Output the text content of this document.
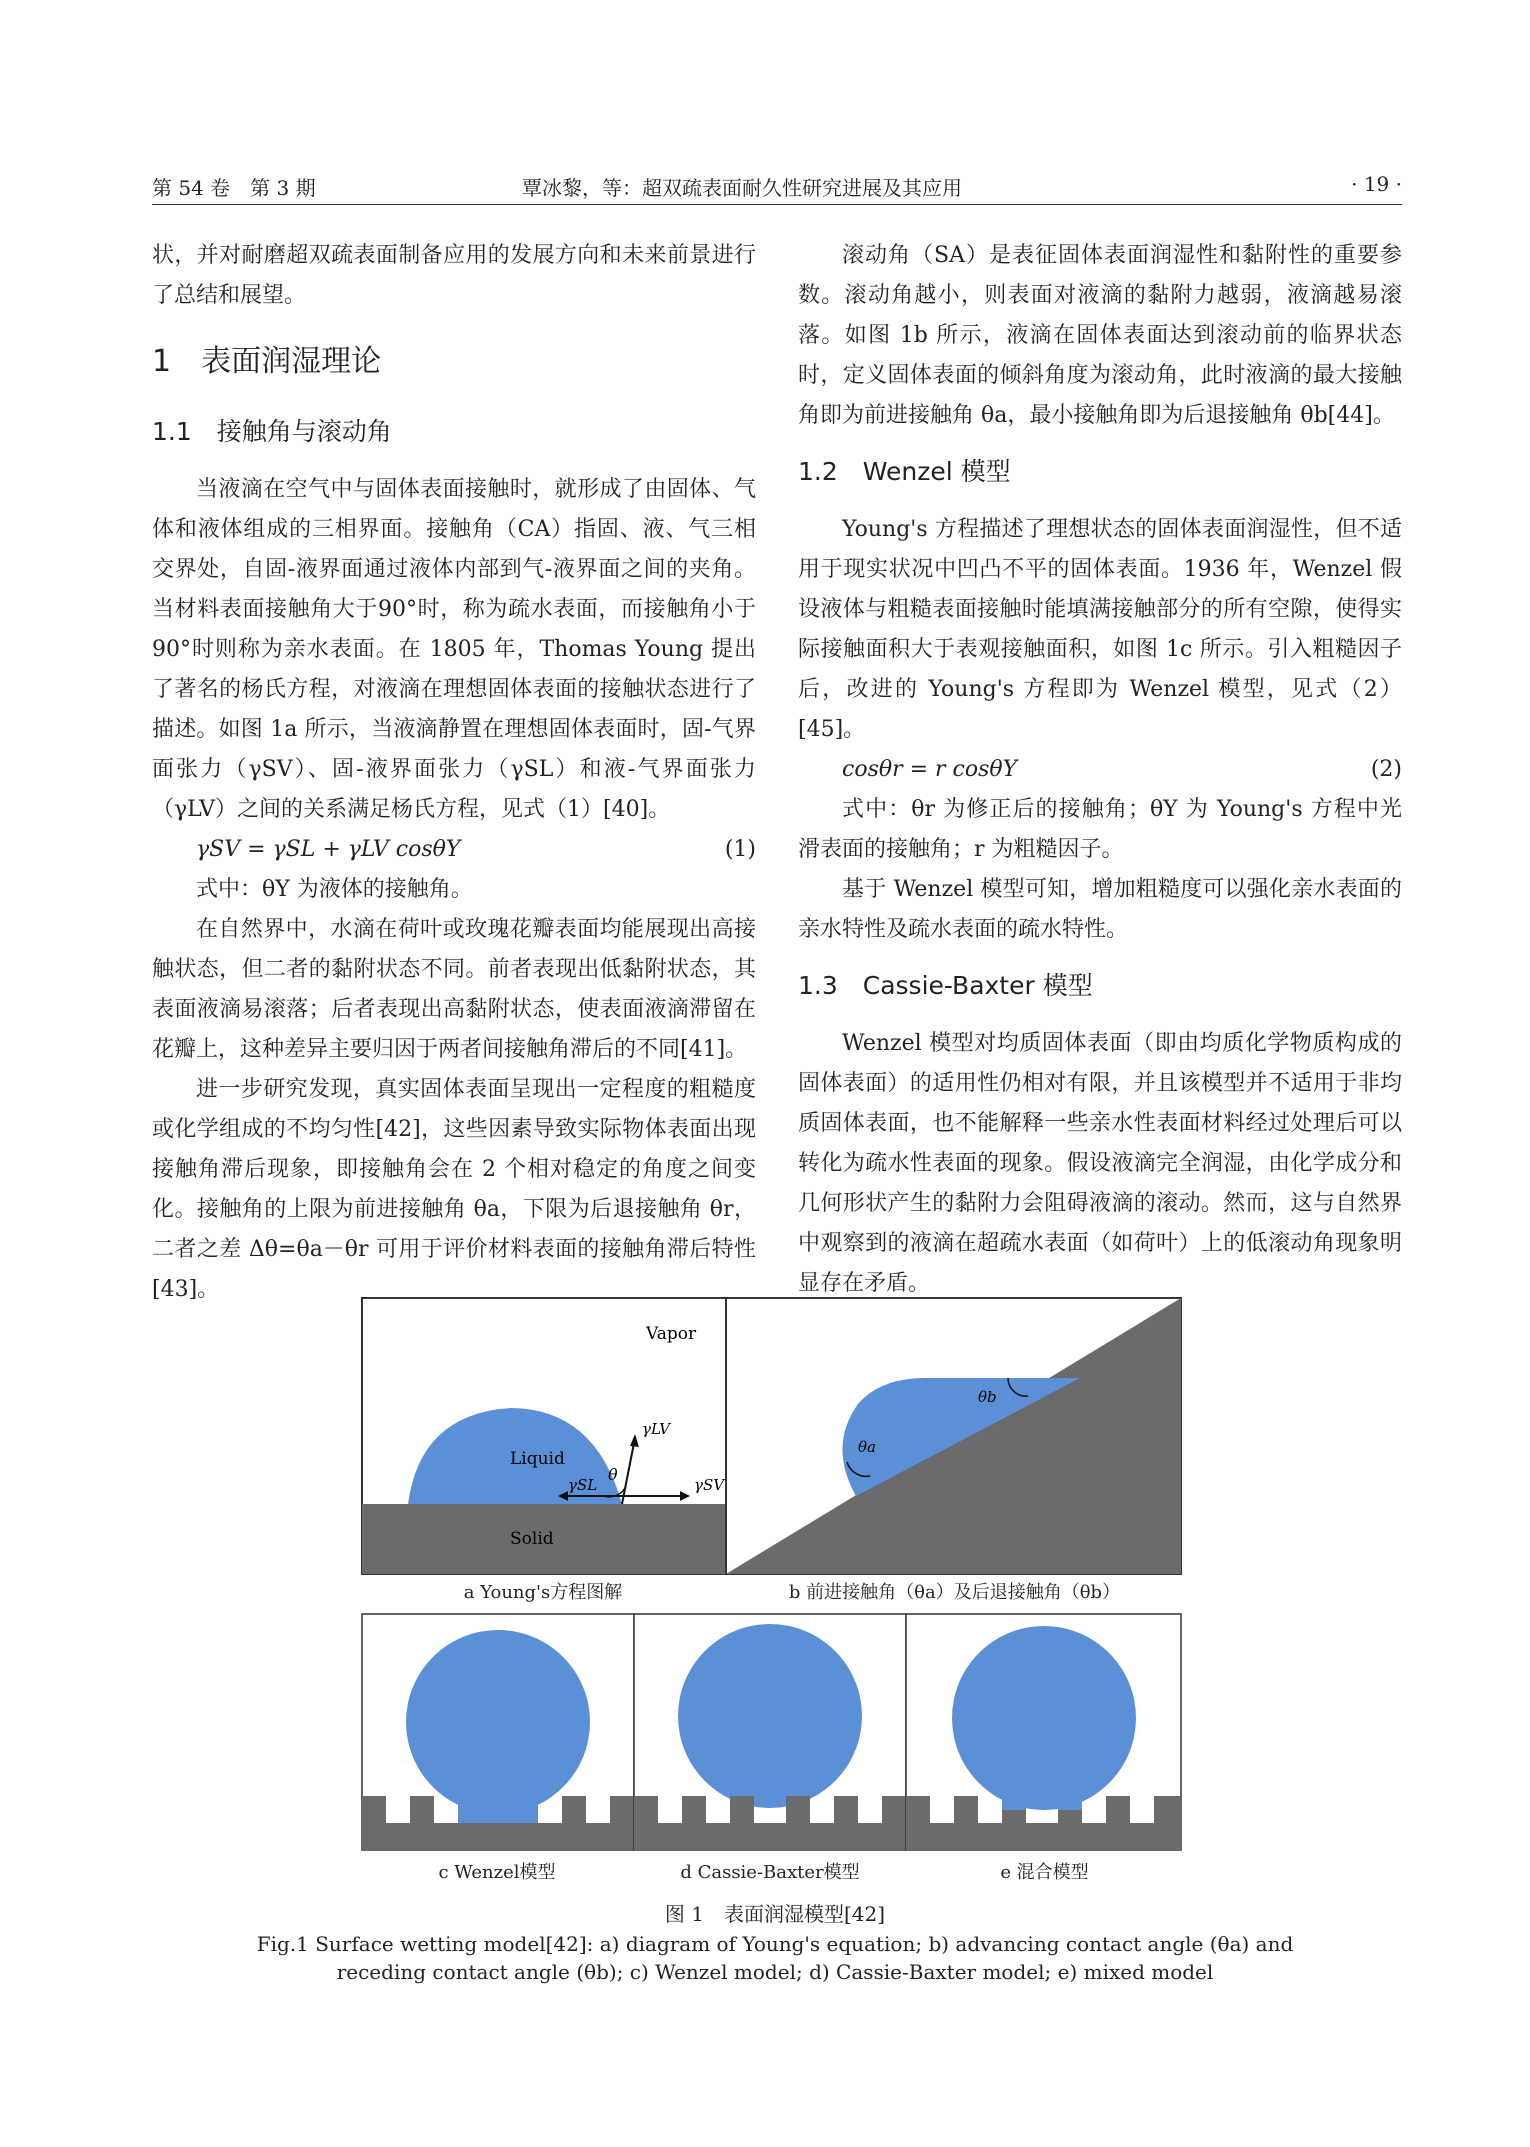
第 54 卷　第 3 期	覃冰黎，等：超双疏表面耐久性研究进展及其应用	· 19 ·

状，并对耐磨超双疏表面制备应用的发展方向和未来前景进行了总结和展望。

1　表面润湿理论

1.1　接触角与滚动角

当液滴在空气中与固体表面接触时，就形成了由固体、气体和液体组成的三相界面。接触角（CA）指固、液、气三相交界处，自固-液界面通过液体内部到气-液界面之间的夹角。当材料表面接触角大于90°时，称为疏水表面，而接触角小于 90°时则称为亲水表面。在 1805 年，Thomas Young 提出了著名的杨氏方程，对液滴在理想固体表面的接触状态进行了描述。如图 1a 所示，当液滴静置在理想固体表面时，固-气界面张力（γSV）、固-液界面张力（γSL）和液-气界面张力（γLV）之间的关系满足杨氏方程，见式（1）[40]。

γSV = γSL + γLV cosθY	(1)

式中：θY 为液体的接触角。

在自然界中，水滴在荷叶或玫瑰花瓣表面均能展现出高接触状态，但二者的黏附状态不同。前者表现出低黏附状态，其表面液滴易滚落；后者表现出高黏附状态，使表面液滴滞留在花瓣上，这种差异主要归因于两者间接触角滞后的不同[41]。

进一步研究发现，真实固体表面呈现出一定程度的粗糙度或化学组成的不均匀性[42]，这些因素导致实际物体表面出现接触角滞后现象，即接触角会在 2 个相对稳定的角度之间变化。接触角的上限为前进接触角 θa，下限为后退接触角 θr，二者之差 Δθ=θa－θr 可用于评价材料表面的接触角滞后特性[43]。

滚动角（SA）是表征固体表面润湿性和黏附性的重要参数。滚动角越小，则表面对液滴的黏附力越弱，液滴越易滚落。如图 1b 所示，液滴在固体表面达到滚动前的临界状态时，定义固体表面的倾斜角度为滚动角，此时液滴的最大接触角即为前进接触角 θa，最小接触角即为后退接触角 θb[44]。

1.2　Wenzel 模型

Young's 方程描述了理想状态的固体表面润湿性，但不适用于现实状况中凹凸不平的固体表面。1936 年，Wenzel 假设液体与粗糙表面接触时能填满接触部分的所有空隙，使得实际接触面积大于表观接触面积，如图 1c 所示。引入粗糙因子后，改进的 Young's 方程即为 Wenzel 模型，见式（2）[45]。

cosθr = r cosθY	(2)

式中：θr 为修正后的接触角；θY 为 Young's 方程中光滑表面的接触角；r 为粗糙因子。

基于 Wenzel 模型可知，增加粗糙度可以强化亲水表面的亲水特性及疏水表面的疏水特性。

1.3　Cassie-Baxter 模型

Wenzel 模型对均质固体表面（即由均质化学物质构成的固体表面）的适用性仍相对有限，并且该模型并不适用于非均质固体表面，也不能解释一些亲水性表面材料经过处理后可以转化为疏水性表面的现象。假设液滴完全润湿，由化学成分和几何形状产生的黏附力会阻碍液滴的滚动。然而，这与自然界中观察到的液滴在超疏水表面（如荷叶）上的低滚动角现象明显存在矛盾。

Vapor
Liquid
Solid
γLV
γSL	γSV
θ
θa
θb
a Young's方程图解	b 前进接触角（θa）及后退接触角（θb）
c Wenzel模型	d Cassie-Baxter模型	e 混合模型
图 1　表面润湿模型[42]
Fig.1 Surface wetting model[42]: a) diagram of Young's equation; b) advancing contact angle (θa) and
receding contact angle (θb); c) Wenzel model; d) Cassie-Baxter model; e) mixed model
